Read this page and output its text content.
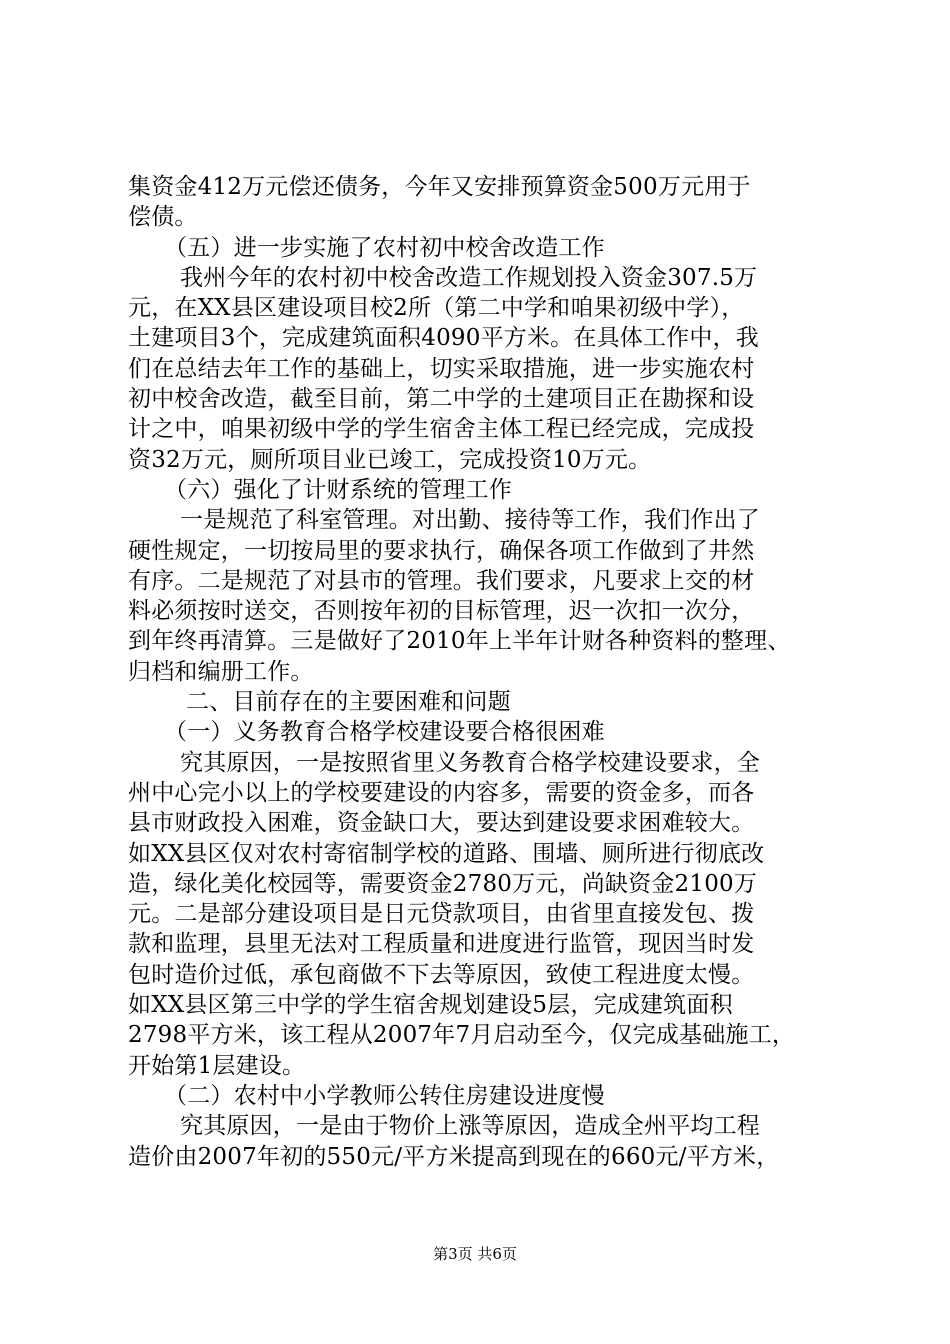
集资金412万元偿还债务，今年又安排预算资金500万元用于
偿债。
（五）进一步实施了农村初中校舍改造工作
我州今年的农村初中校舍改造工作规划投入资金307.5万
元，在XX县区建设项目校2所（第二中学和咱果初级中学），
土建项目3个，完成建筑面积4090平方米。在具体工作中，我
们在总结去年工作的基础上，切实采取措施，进一步实施农村
初中校舍改造，截至目前，第二中学的土建项目正在勘探和设
计之中，咱果初级中学的学生宿舍主体工程已经完成，完成投
资32万元，厕所项目业已竣工，完成投资10万元。
（六）强化了计财系统的管理工作
一是规范了科室管理。对出勤、接待等工作，我们作出了
硬性规定，一切按局里的要求执行，确保各项工作做到了井然
有序。二是规范了对县市的管理。我们要求，凡要求上交的材
料必须按时送交，否则按年初的目标管理，迟一次扣一次分，
到年终再清算。三是做好了2010年上半年计财各种资料的整理、
归档和编册工作。
二、目前存在的主要困难和问题
（一）义务教育合格学校建设要合格很困难
究其原因，一是按照省里义务教育合格学校建设要求，全
州中心完小以上的学校要建设的内容多，需要的资金多，而各
县市财政投入困难，资金缺口大，要达到建设要求困难较大。
如XX县区仅对农村寄宿制学校的道路、围墙、厕所进行彻底改
造，绿化美化校园等，需要资金2780万元，尚缺资金2100万
元。二是部分建设项目是日元贷款项目，由省里直接发包、拨
款和监理，县里无法对工程质量和进度进行监管，现因当时发
包时造价过低，承包商做不下去等原因，致使工程进度太慢。
如XX县区第三中学的学生宿舍规划建设5层，完成建筑面积
2798平方米，该工程从2007年7月启动至今，仅完成基础施工，
开始第1层建设。
（二）农村中小学教师公转住房建设进度慢
究其原因，一是由于物价上涨等原因，造成全州平均工程
造价由2007年初的550元/平方米提高到现在的660元/平方米，
第3页 共6页
